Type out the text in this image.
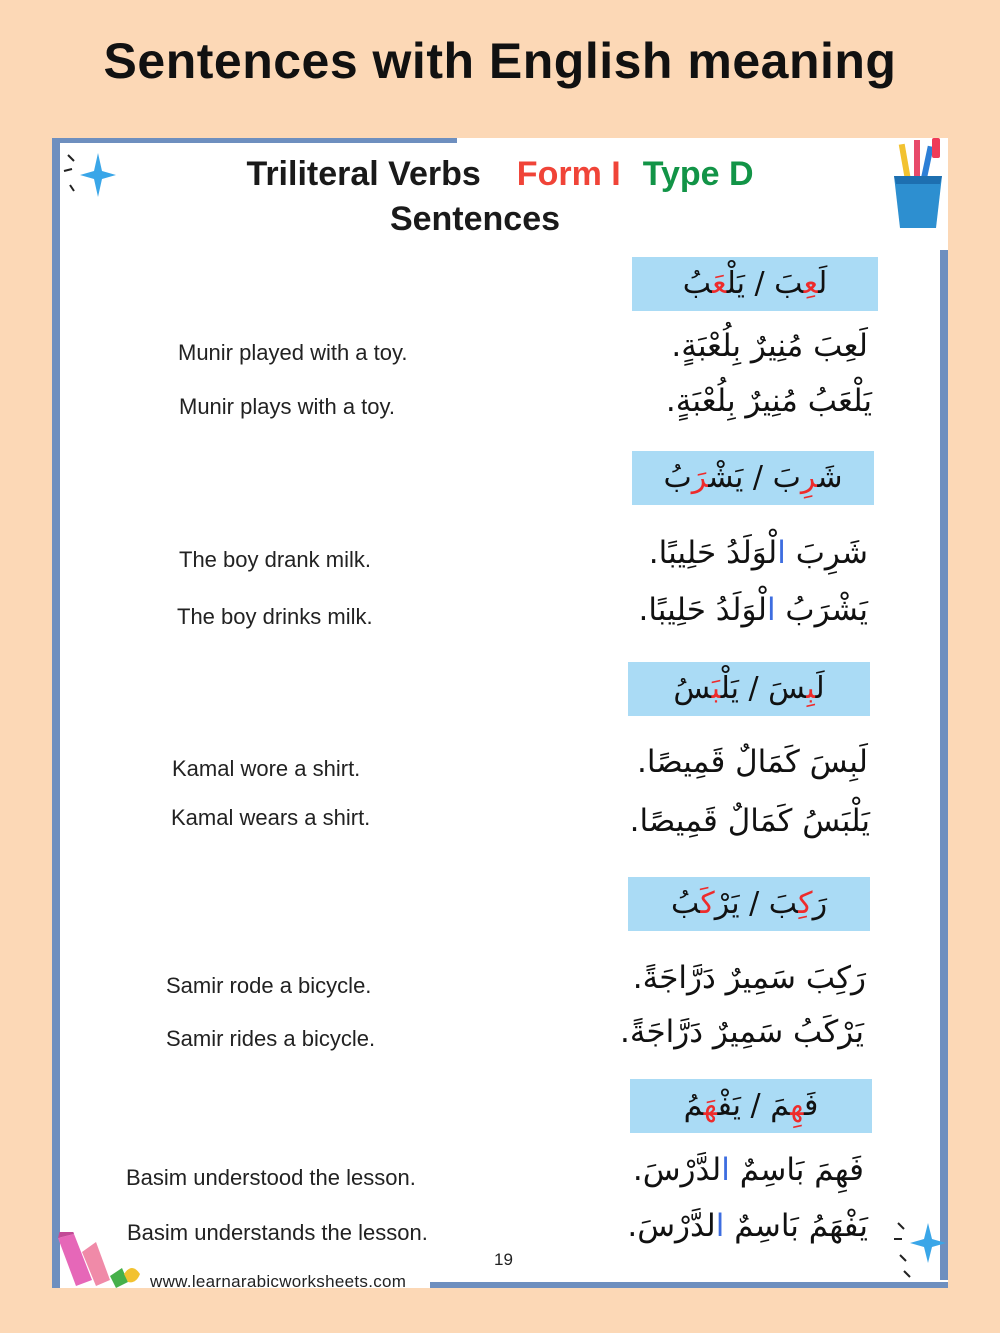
Sentences with English meaning
Triliteral Verbs Form I Type D
Sentences
لَعِبَ / يَلْعَبُ
لَعِبَ مُنِيرٌ بِلُعْبَةٍ.
Munir played with a toy.
يَلْعَبُ مُنِيرٌ بِلُعْبَةٍ.
Munir plays with a toy.
شَرِبَ / يَشْرَبُ
شَرِبَ الْوَلَدُ حَلِيبًا.
The boy drank milk.
يَشْرَبُ الْوَلَدُ حَلِيبًا.
The boy drinks milk.
لَبِسَ / يَلْبَسُ
لَبِسَ كَمَالٌ قَمِيصًا.
Kamal wore a shirt.
يَلْبَسُ كَمَالٌ قَمِيصًا.
Kamal wears a shirt.
رَكِبَ / يَرْكَبُ
رَكِبَ سَمِيرٌ دَرَّاجَةً.
Samir rode a bicycle.
يَرْكَبُ سَمِيرٌ دَرَّاجَةً.
Samir rides a bicycle.
فَهِمَ / يَفْهَمُ
فَهِمَ بَاسِمٌ الدَّرْسَ.
Basim understood the lesson.
يَفْهَمُ بَاسِمٌ الدَّرْسَ.
Basim understands the lesson.
19
www.learnarabicworksheets.com
